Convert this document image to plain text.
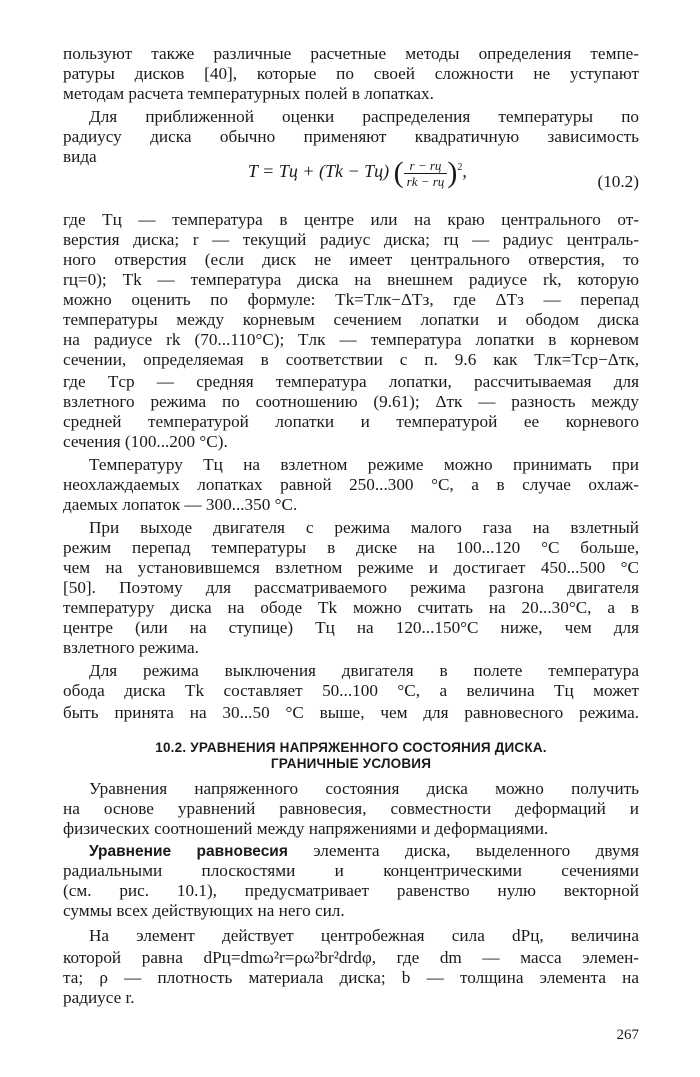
пользуют также различные расчетные методы определения темпе-
ратуры дисков [40], которые по своей сложности не уступают
методам расчета температурных полей в лопатках.
Для приближенной оценки распределения температуры по
радиусу диска обычно применяют квадратичную зависимость
вида
T = Tц + (Tk − Tц) ( $\frac{r - rц}{rk - rц} )^2$,
(10.2)
где Tц — температура в центре или на краю центрального от-
верстия диска; r — текущий радиус диска; rц — радиус централь-
ного отверстия (если диск не имеет центрального отверстия, то
rц=0); Tk — температура диска на внешнем радиусе rk, которую
можно оценить по формуле: Tk=Tлк−ΔTз, где ΔTз — перепад
температуры между корневым сечением лопатки и ободом диска
на радиусе rk (70...110°C); Tлк — температура лопатки в корневом
сечении, определяемая в соответствии с п. 9.6 как Tлк=Tср−Δтк,
где Tср — средняя температура лопатки, рассчитываемая для
взлетного режима по соотношению (9.61); Δтк — разность между
средней температурой лопатки и температурой ее корневого
сечения (100...200 °C).
Температуру Tц на взлетном режиме можно принимать при
неохлаждаемых лопатках равной 250...300 °C, а в случае охлаж-
даемых лопаток — 300...350 °C.
При выходе двигателя с режима малого газа на взлетный
режим перепад температуры в диске на 100...120 °C больше,
чем на установившемся взлетном режиме и достигает 450...500 °C
[50]. Поэтому для рассматриваемого режима разгона двигателя
температуру диска на ободе Tk можно считать на 20...30°C, а в
центре (или на ступице) Tц на 120...150°C ниже, чем для
взлетного режима.
Для режима выключения двигателя в полете температура
обода диска Tk составляет 50...100 °C, а величина Tц может
быть принята на 30...50 °C выше, чем для равновесного режима.
10.2. УРАВНЕНИЯ НАПРЯЖЕННОГО СОСТОЯНИЯ ДИСКА.
ГРАНИЧНЫЕ УСЛОВИЯ
Уравнения напряженного состояния диска можно получить
на основе уравнений равновесия, совместности деформаций и
физических соотношений между напряжениями и деформациями.
Уравнение равновесия элемента диска, выделенного двумя
радиальными плоскостями и концентрическими сечениями
(см. рис. 10.1), предусматривает равенство нулю векторной
суммы всех действующих на него сил.
На элемент действует центробежная сила dPц, величина
которой равна dPц=dmω²r=ρω²br²drdφ, где dm — масса элемен-
та; ρ — плотность материала диска; b — толщина элемента на
радиусе r.
267
